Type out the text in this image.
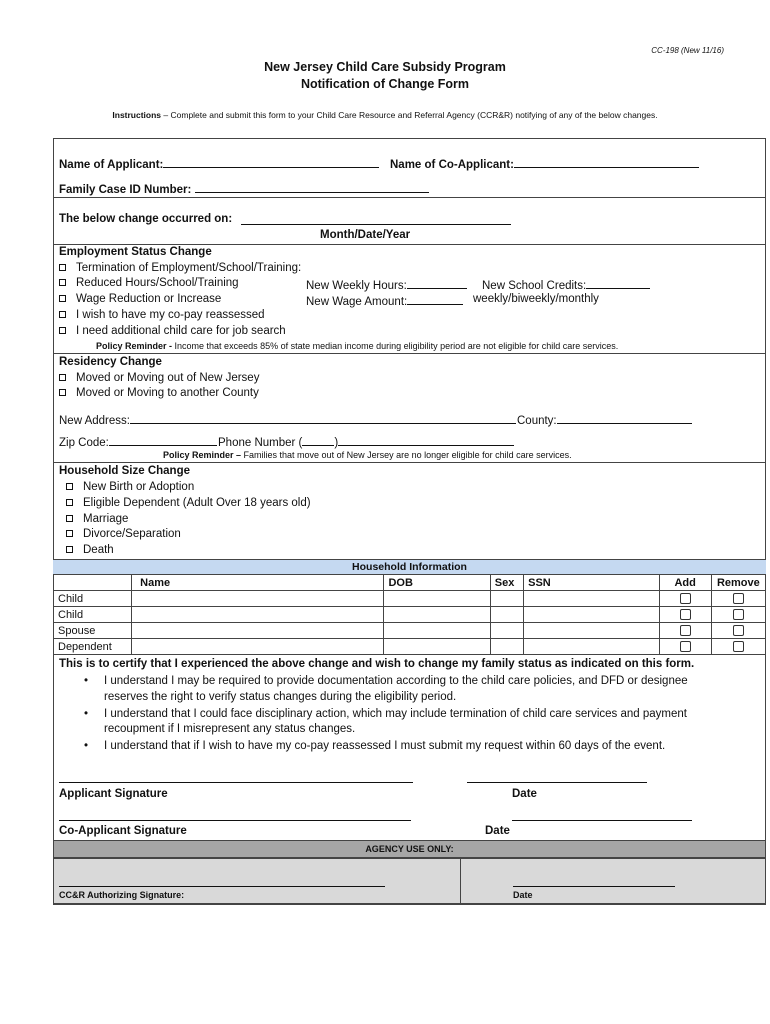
CC-198 (New 11/16)
New Jersey Child Care Subsidy Program
Notification of Change Form
Instructions – Complete and submit this form to your Child Care Resource and Referral Agency (CCR&R) notifying of any of the below changes.
Name of Applicant:	Name of Co-Applicant:
Family Case ID Number:
The below change occurred on:
Month/Date/Year
Employment Status Change
Termination of Employment/School/Training:
Reduced Hours/School/Training
Wage Reduction or Increase
I wish to have my co-pay reassessed
I need additional child care for job search
New Weekly Hours:	New School Credits:
New Wage Amount:	weekly/biweekly/monthly
Policy Reminder - Income that exceeds 85% of state median income during eligibility period are not eligible for child care services.
Residency Change
Moved or Moving out of New Jersey
Moved or Moving to another County
New Address:	County:
Zip Code:	Phone Number (	)
Policy Reminder – Families that move out of New Jersey are no longer eligible for child care services.
Household Size Change
New Birth or Adoption
Eligible Dependent (Adult Over 18 years old)
Marriage
Divorce/Separation
Death
Household Information
	Name	DOB	Sex	SSN	Add	Remove
Child						
Child						
Spouse						
Dependent						
This is to certify that I experienced the above change and wish to change my family status as indicated on this form.
• I understand I may be required to provide documentation according to the child care policies, and DFD or designee
reserves the right to verify status changes during the eligibility period.
• I understand that I could face disciplinary action, which may include termination of child care services and payment
recoupment if I misrepresent any status changes.
• I understand that if I wish to have my co-pay reassessed I must submit my request within 60 days of the event.
Applicant Signature	Date
Co-Applicant Signature	Date
AGENCY USE ONLY:
CC&R Authorizing Signature:	Date
